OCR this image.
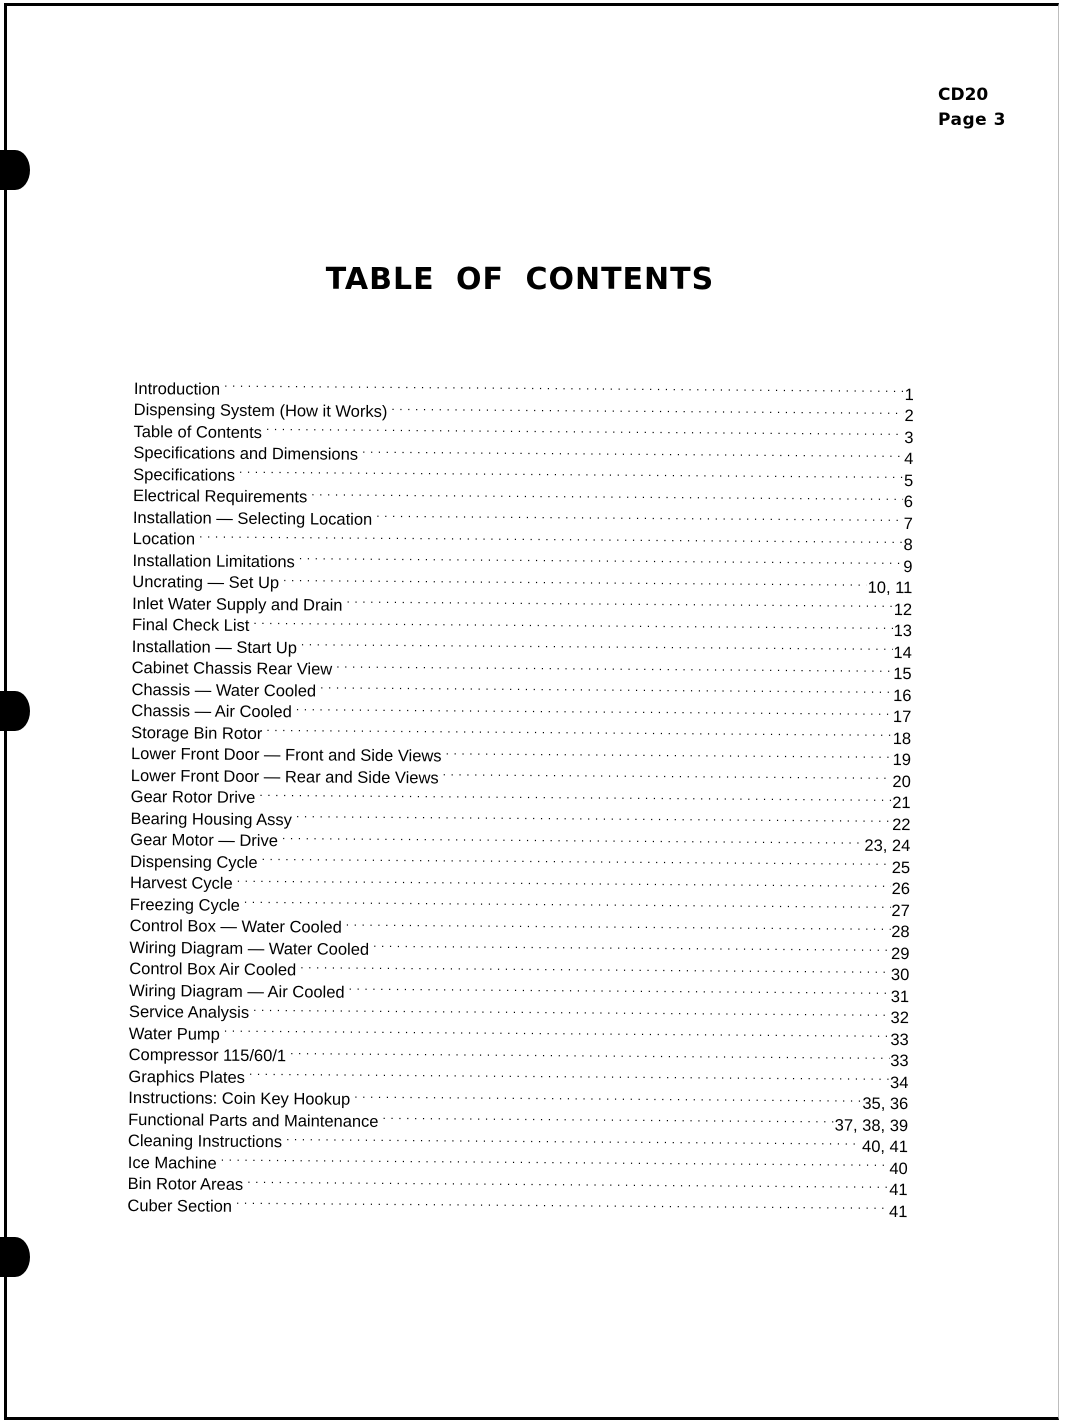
CD20
Page 3
TABLE OF CONTENTS
Introduction . . .	1
Dispensing System (How it Works) . . .	2
Table of Contents . . .	3
Specifications and Dimensions . . .	4
Specifications . . .	5
Electrical Requirements . . .	6
Installation — Selecting Location . . .	7
Location . . .	8
Installation Limitations . . .	9
Uncrating — Set Up . . .	10, 11
Inlet Water Supply and Drain . . .	12
Final Check List . . .	13
Installation — Start Up . . .	14
Cabinet Chassis Rear View . . .	15
Chassis — Water Cooled . . .	16
Chassis — Air Cooled . . .	17
Storage Bin Rotor . . .	18
Lower Front Door — Front and Side Views . . .	19
Lower Front Door — Rear and Side Views . . .	20
Gear Rotor Drive . . .	21
Bearing Housing Assy . . .	22
Gear Motor — Drive . . .	23, 24
Dispensing Cycle . . .	25
Harvest Cycle . . .	26
Freezing Cycle . . .	27
Control Box — Water Cooled . . .	28
Wiring Diagram — Water Cooled . . .	29
Control Box Air Cooled . . .	30
Wiring Diagram — Air Cooled . . .	31
Service Analysis . . .	32
Water Pump . . .	33
Compressor 115/60/1 . . .	33
Graphics Plates . . .	34
Instructions: Coin Key Hookup . . .	35, 36
Functional Parts and Maintenance . . .	37, 38, 39
Cleaning Instructions . . .	40, 41
Ice Machine . . .	40
Bin Rotor Areas . . .	41
Cuber Section . . .	41
